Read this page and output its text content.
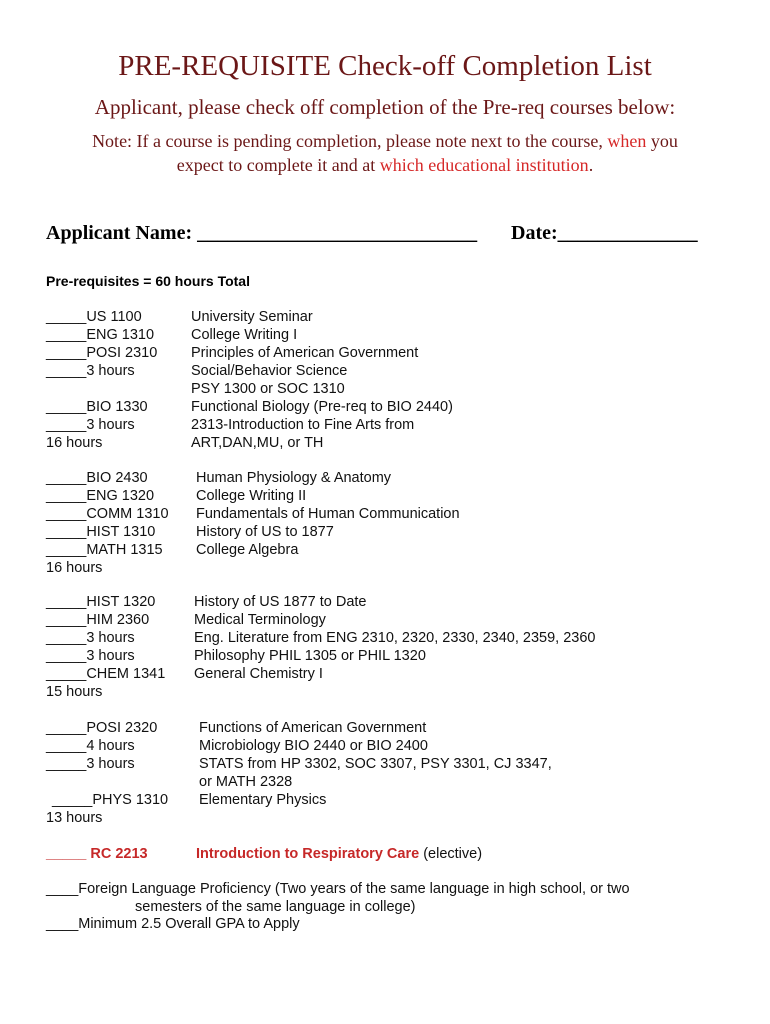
PRE-REQUISITE Check-off Completion List
Applicant, please check off completion of the Pre-req courses below:
Note: If a course is pending completion, please note next to the course, when you
expect to complete it and at which educational institution.
Applicant Name: ____________________________ Date:______________
Pre-requisites = 60 hours Total
_____US 1100
_____ENG 1310
_____POSI 2310
_____3 hours
_____BIO 1330
_____3 hours
16 hours
University Seminar
College Writing I
Principles of American Government
Social/Behavior Science
PSY 1300 or SOC 1310
Functional Biology (Pre-req to BIO 2440)
2313-Introduction to Fine Arts from
ART,DAN,MU, or TH
_____BIO 2430
_____ENG 1320
_____COMM 1310
_____HIST 1310
_____MATH 1315
16 hours
Human Physiology & Anatomy
College Writing II
Fundamentals of Human Communication
History of US to 1877
College Algebra
_____HIST 1320
_____HIM 2360
_____3 hours
_____3 hours
_____CHEM 1341
15 hours
History of US 1877 to Date
Medical Terminology
Eng. Literature from ENG 2310, 2320, 2330, 2340, 2359, 2360
Philosophy PHIL 1305 or PHIL 1320
General Chemistry I
_____POSI 2320
_____4 hours
_____3 hours
_____PHYS 1310
13 hours
Functions of American Government
Microbiology BIO 2440 or BIO 2400
STATS from HP 3302, SOC 3307, PSY 3301, CJ 3347,
or MATH 2328
Elementary Physics
_____ RC 2213	Introduction to Respiratory Care (elective)
____Foreign Language Proficiency (Two years of the same language in high school, or two
semesters of the same language in college)
____Minimum 2.5 Overall GPA to Apply
